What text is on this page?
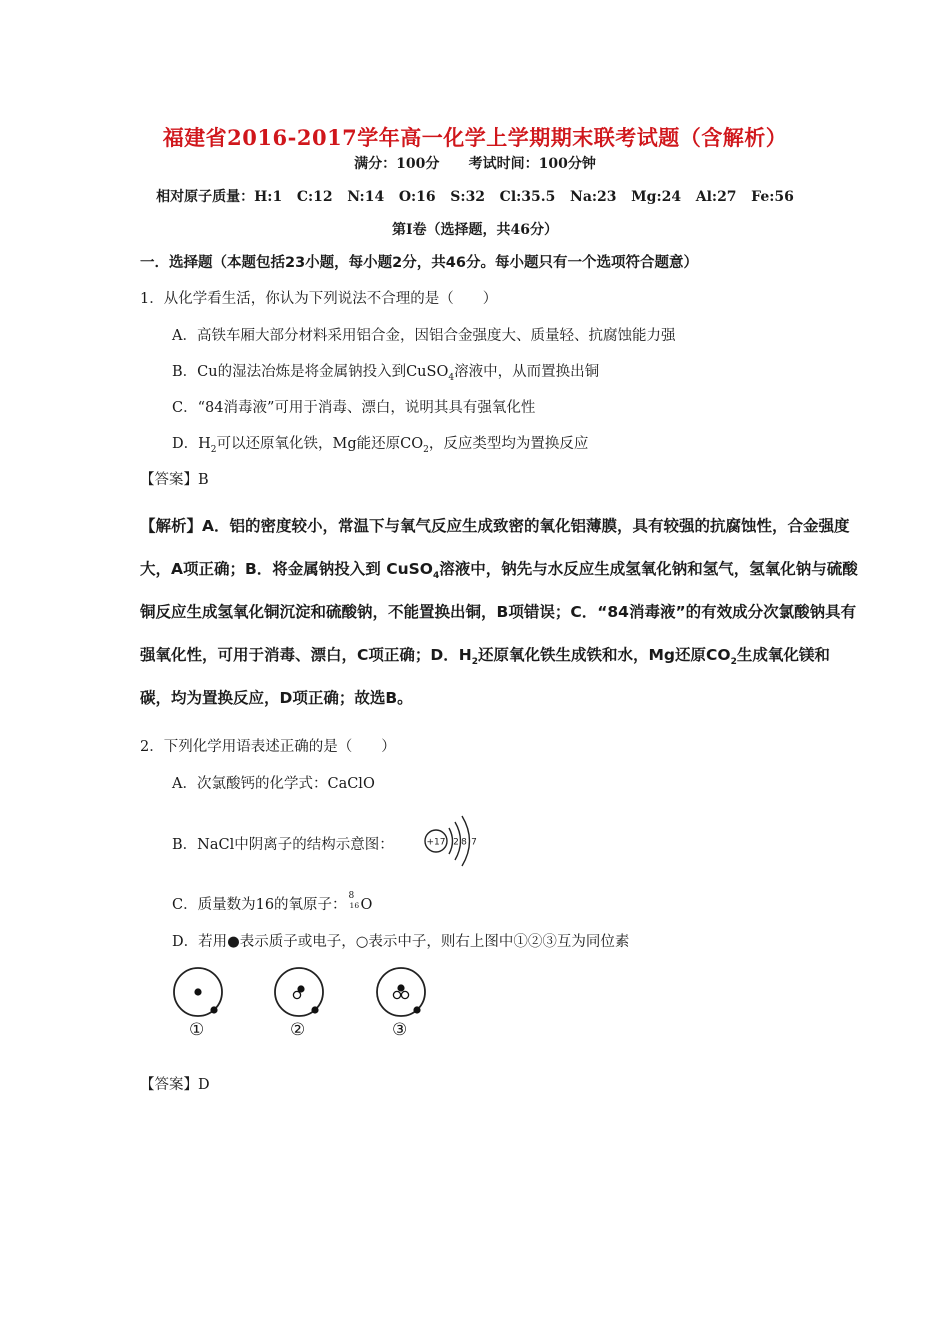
福建省2016-2017学年高一化学上学期期末联考试题（含解析）
满分：100分      考试时间：100分钟
相对原子质量：H:1   C:12   N:14   O:16   S:32   Cl:35.5   Na:23   Mg:24   Al:27   Fe:56
第Ⅰ卷（选择题，共46分）
一．选择题（本题包括23小题，每小题2分，共46分。每小题只有一个选项符合题意）
1．从化学看生活，你认为下列说法不合理的是（　　）
A．高铁车厢大部分材料采用铝合金，因铝合金强度大、质量轻、抗腐蚀能力强
B．Cu的湿法冶炼是将金属钠投入到CuSO$_4$溶液中，从而置换出铜
C．“84消毒液”可用于消毒、漂白，说明其具有强氧化性
D．$H_2$可以还原氧化铁，Mg能还原$CO_2$，反应类型均为置换反应
【答案】B
【解析】A．铝的密度较小，常温下与氧气反应生成致密的氧化铝薄膜，具有较强的抗腐蚀性，合金强度
大，A项正确；B．将金属钠投入到 CuSO$_4$溶液中，钠先与水反应生成氢氧化钠和氢气，氢氧化钠与硫酸
铜反应生成氢氧化铜沉淀和硫酸钠，不能置换出铜，B项错误；C．“84消毒液”的有效成分次氯酸钠具有
强氧化性，可用于消毒、漂白，C项正确；D．$H_2$还原氧化铁生成铁和水，Mg还原$CO_2$生成氧化镁和
碳，均为置换反应，D项正确；故选B。
2．下列化学用语表述正确的是（　　）
A．次氯酸钙的化学式：CaClO
B．NaCl中阴离子的结构示意图：	+17 2 8 7
C．质量数为16的氧原子：
8
16 O
D．若用●表示质子或电子，○表示中子，则右上图中①②③互为同位素
①	②	③
【答案】D
